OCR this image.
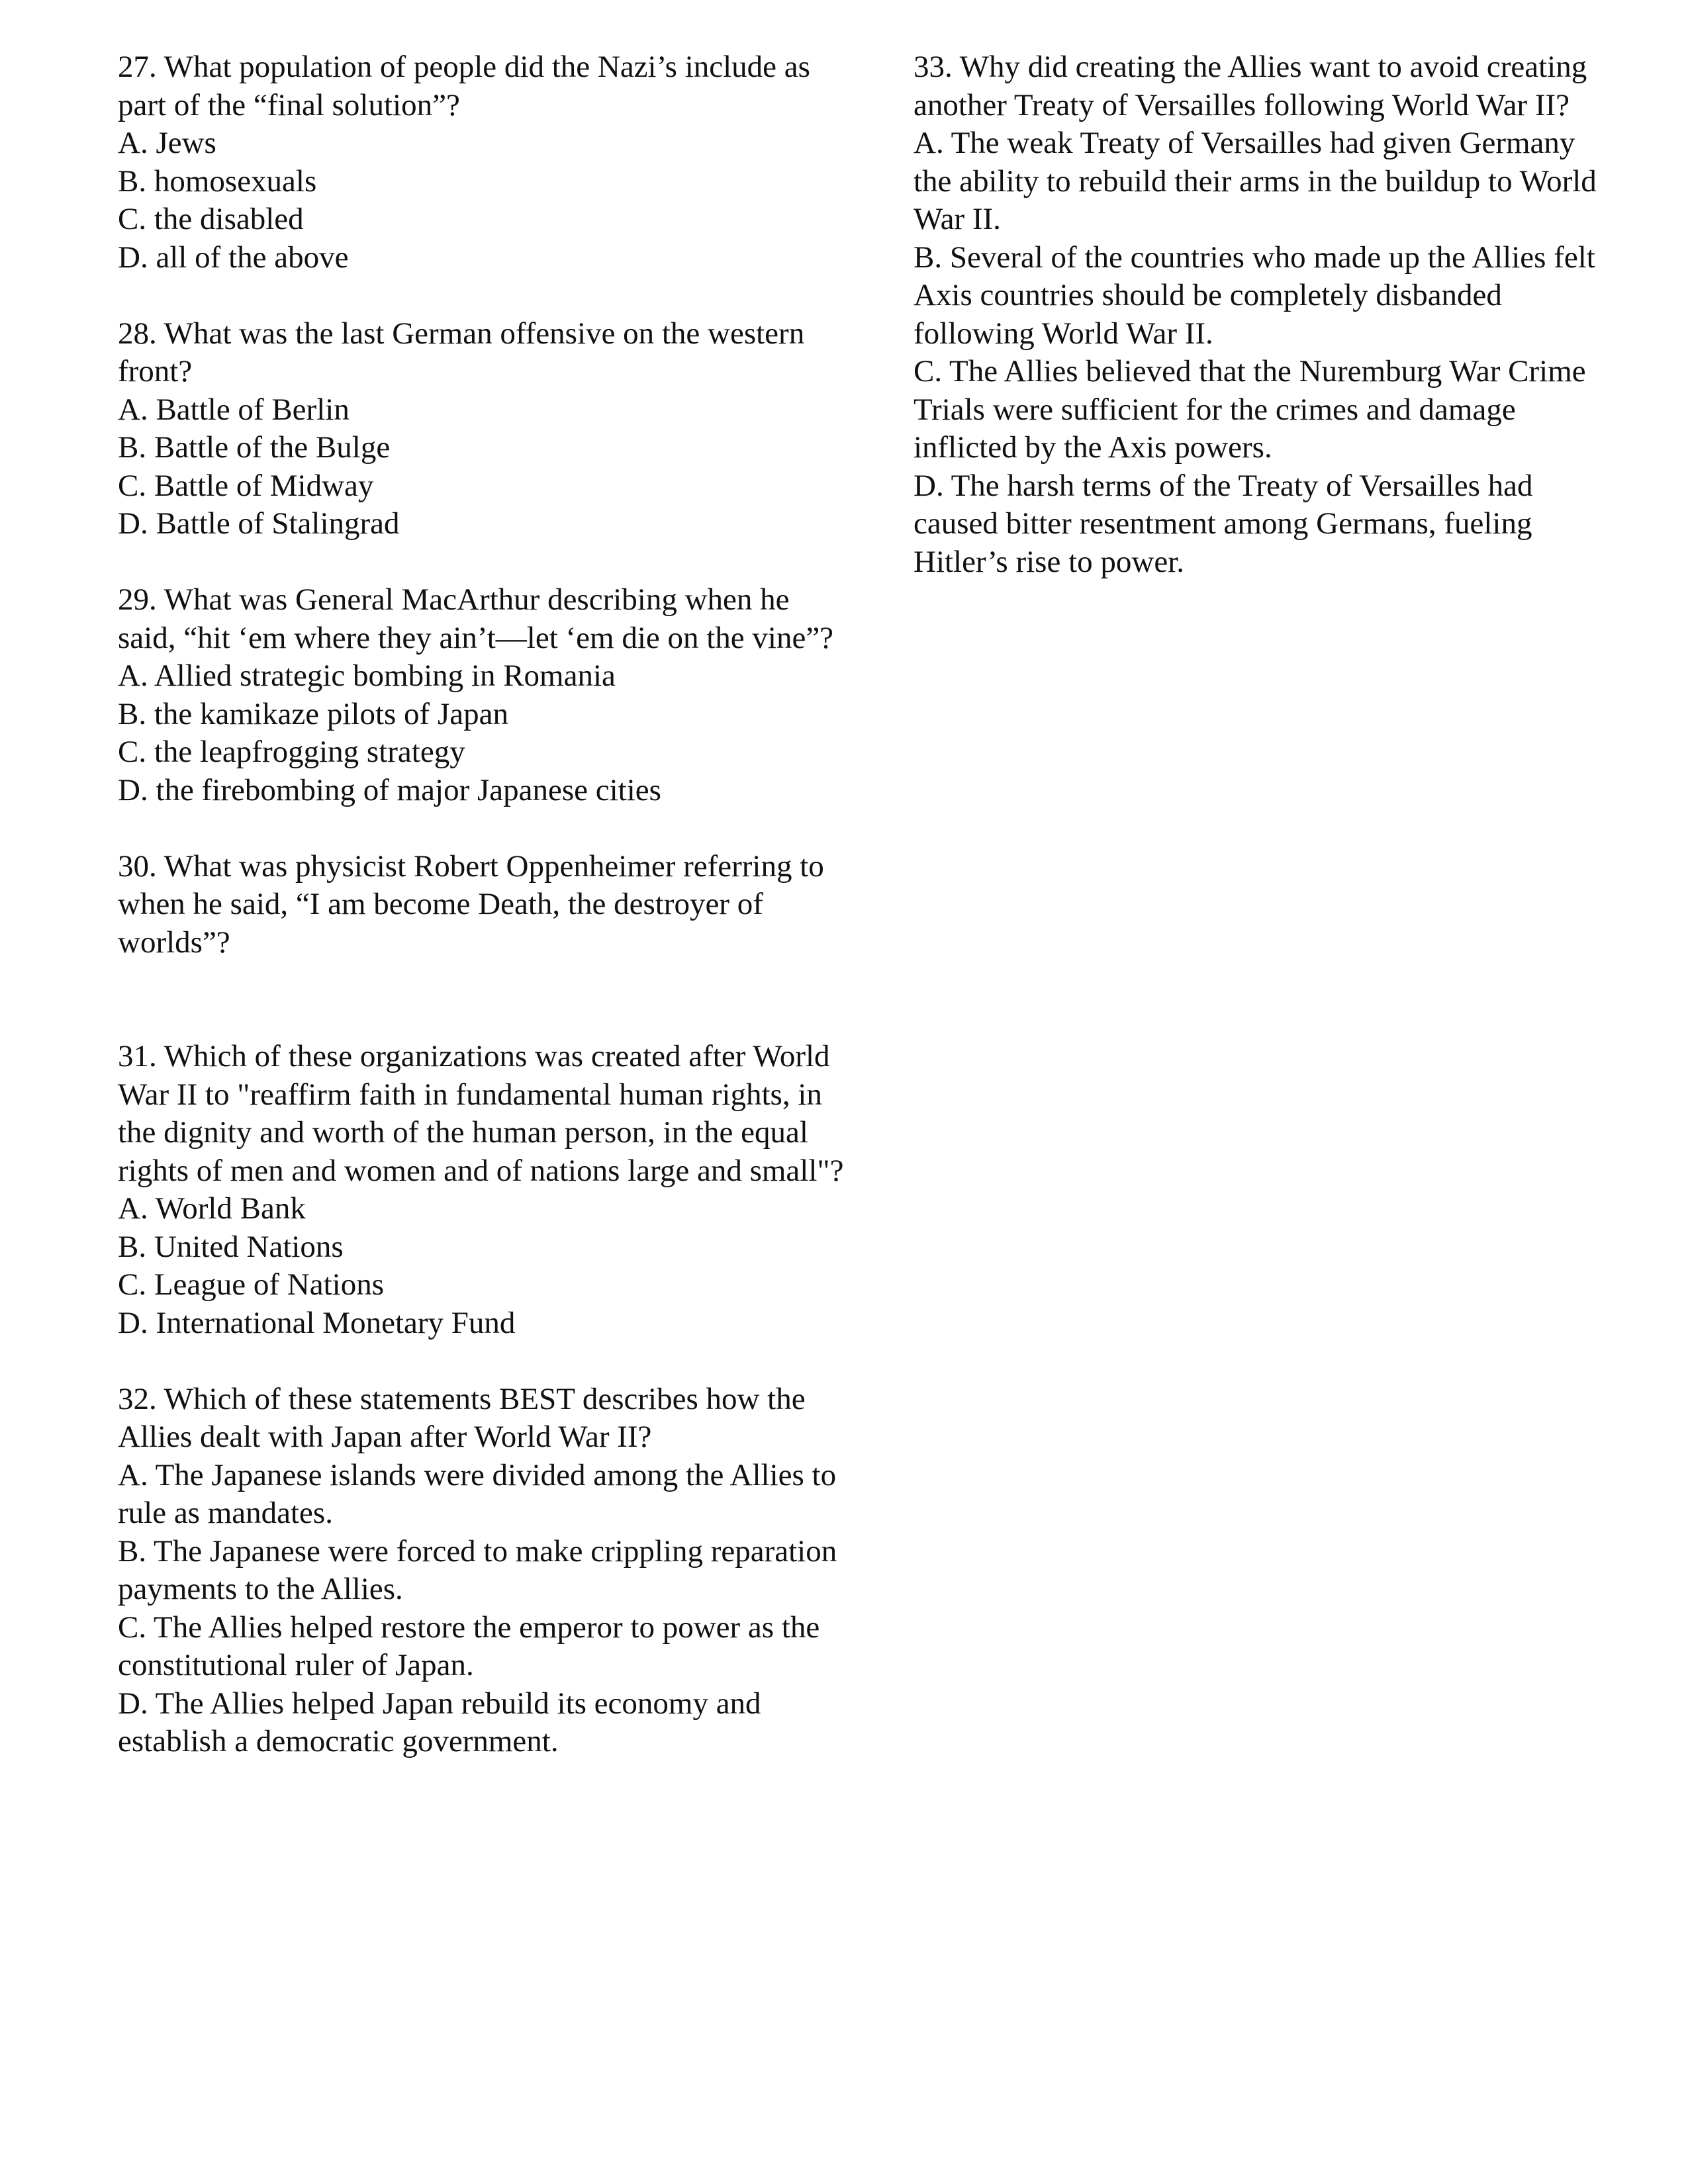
27. What population of people did the Nazi’s include as part of the “final solution”?
A. Jews
B. homosexuals
C. the disabled
D. all of the above
28. What was the last German offensive on the western front?
A. Battle of Berlin
B. Battle of the Bulge
C. Battle of Midway
D. Battle of Stalingrad
29. What was General MacArthur describing when he said, “hit ‘em where they ain’t—let ‘em die on the vine”?
A. Allied strategic bombing in Romania
B. the kamikaze pilots of Japan
C. the leapfrogging strategy
D. the firebombing of major Japanese cities
30. What was physicist Robert Oppenheimer referring to when he said, “I am become Death, the destroyer of worlds”?
31. Which of these organizations was created after World War II to "reaffirm faith in fundamental human rights, in the dignity and worth of the human person, in the equal rights of men and women and of nations large and small"?
A. World Bank
B. United Nations
C. League of Nations
D. International Monetary Fund
32. Which of these statements BEST describes how the Allies dealt with Japan after World War II?
A. The Japanese islands were divided among the Allies to rule as mandates.
B. The Japanese were forced to make crippling reparation payments to the Allies.
C. The Allies helped restore the emperor to power as the constitutional ruler of Japan.
D. The Allies helped Japan rebuild its economy and establish a democratic government.
33. Why did creating the Allies want to avoid creating another Treaty of Versailles following World War II?
A. The weak Treaty of Versailles had given Germany the ability to rebuild their arms in the buildup to World War II.
B. Several of the countries who made up the Allies felt Axis countries should be completely disbanded following World War II.
C. The Allies believed that the Nuremburg War Crime Trials were sufficient for the crimes and damage inflicted by the Axis powers.
D. The harsh terms of the Treaty of Versailles had caused bitter resentment among Germans, fueling Hitler’s rise to power.
